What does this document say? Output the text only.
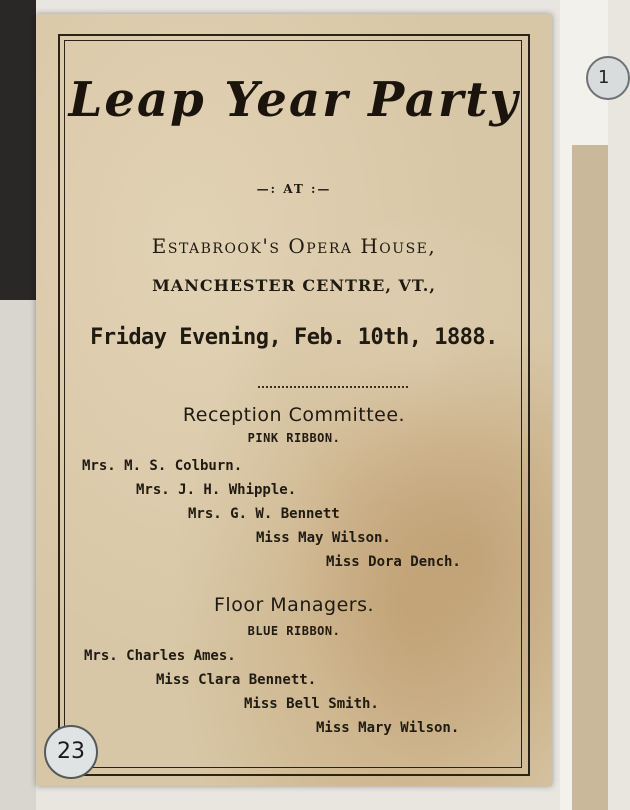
1
Leap Year Party
—: AT :—
Estabrook's Opera House,
MANCHESTER CENTRE, VT.,
Friday Evening, Feb. 10th, 1888.
Reception Committee.
PINK RIBBON.
Mrs. M. S. Colburn.
Mrs. J. H. Whipple.
Mrs. G. W. Bennett
Miss May Wilson.
Miss Dora Dench.
Floor Managers.
BLUE RIBBON.
Mrs. Charles Ames.
Miss Clara Bennett.
Miss Bell Smith.
Miss Mary Wilson.
23
